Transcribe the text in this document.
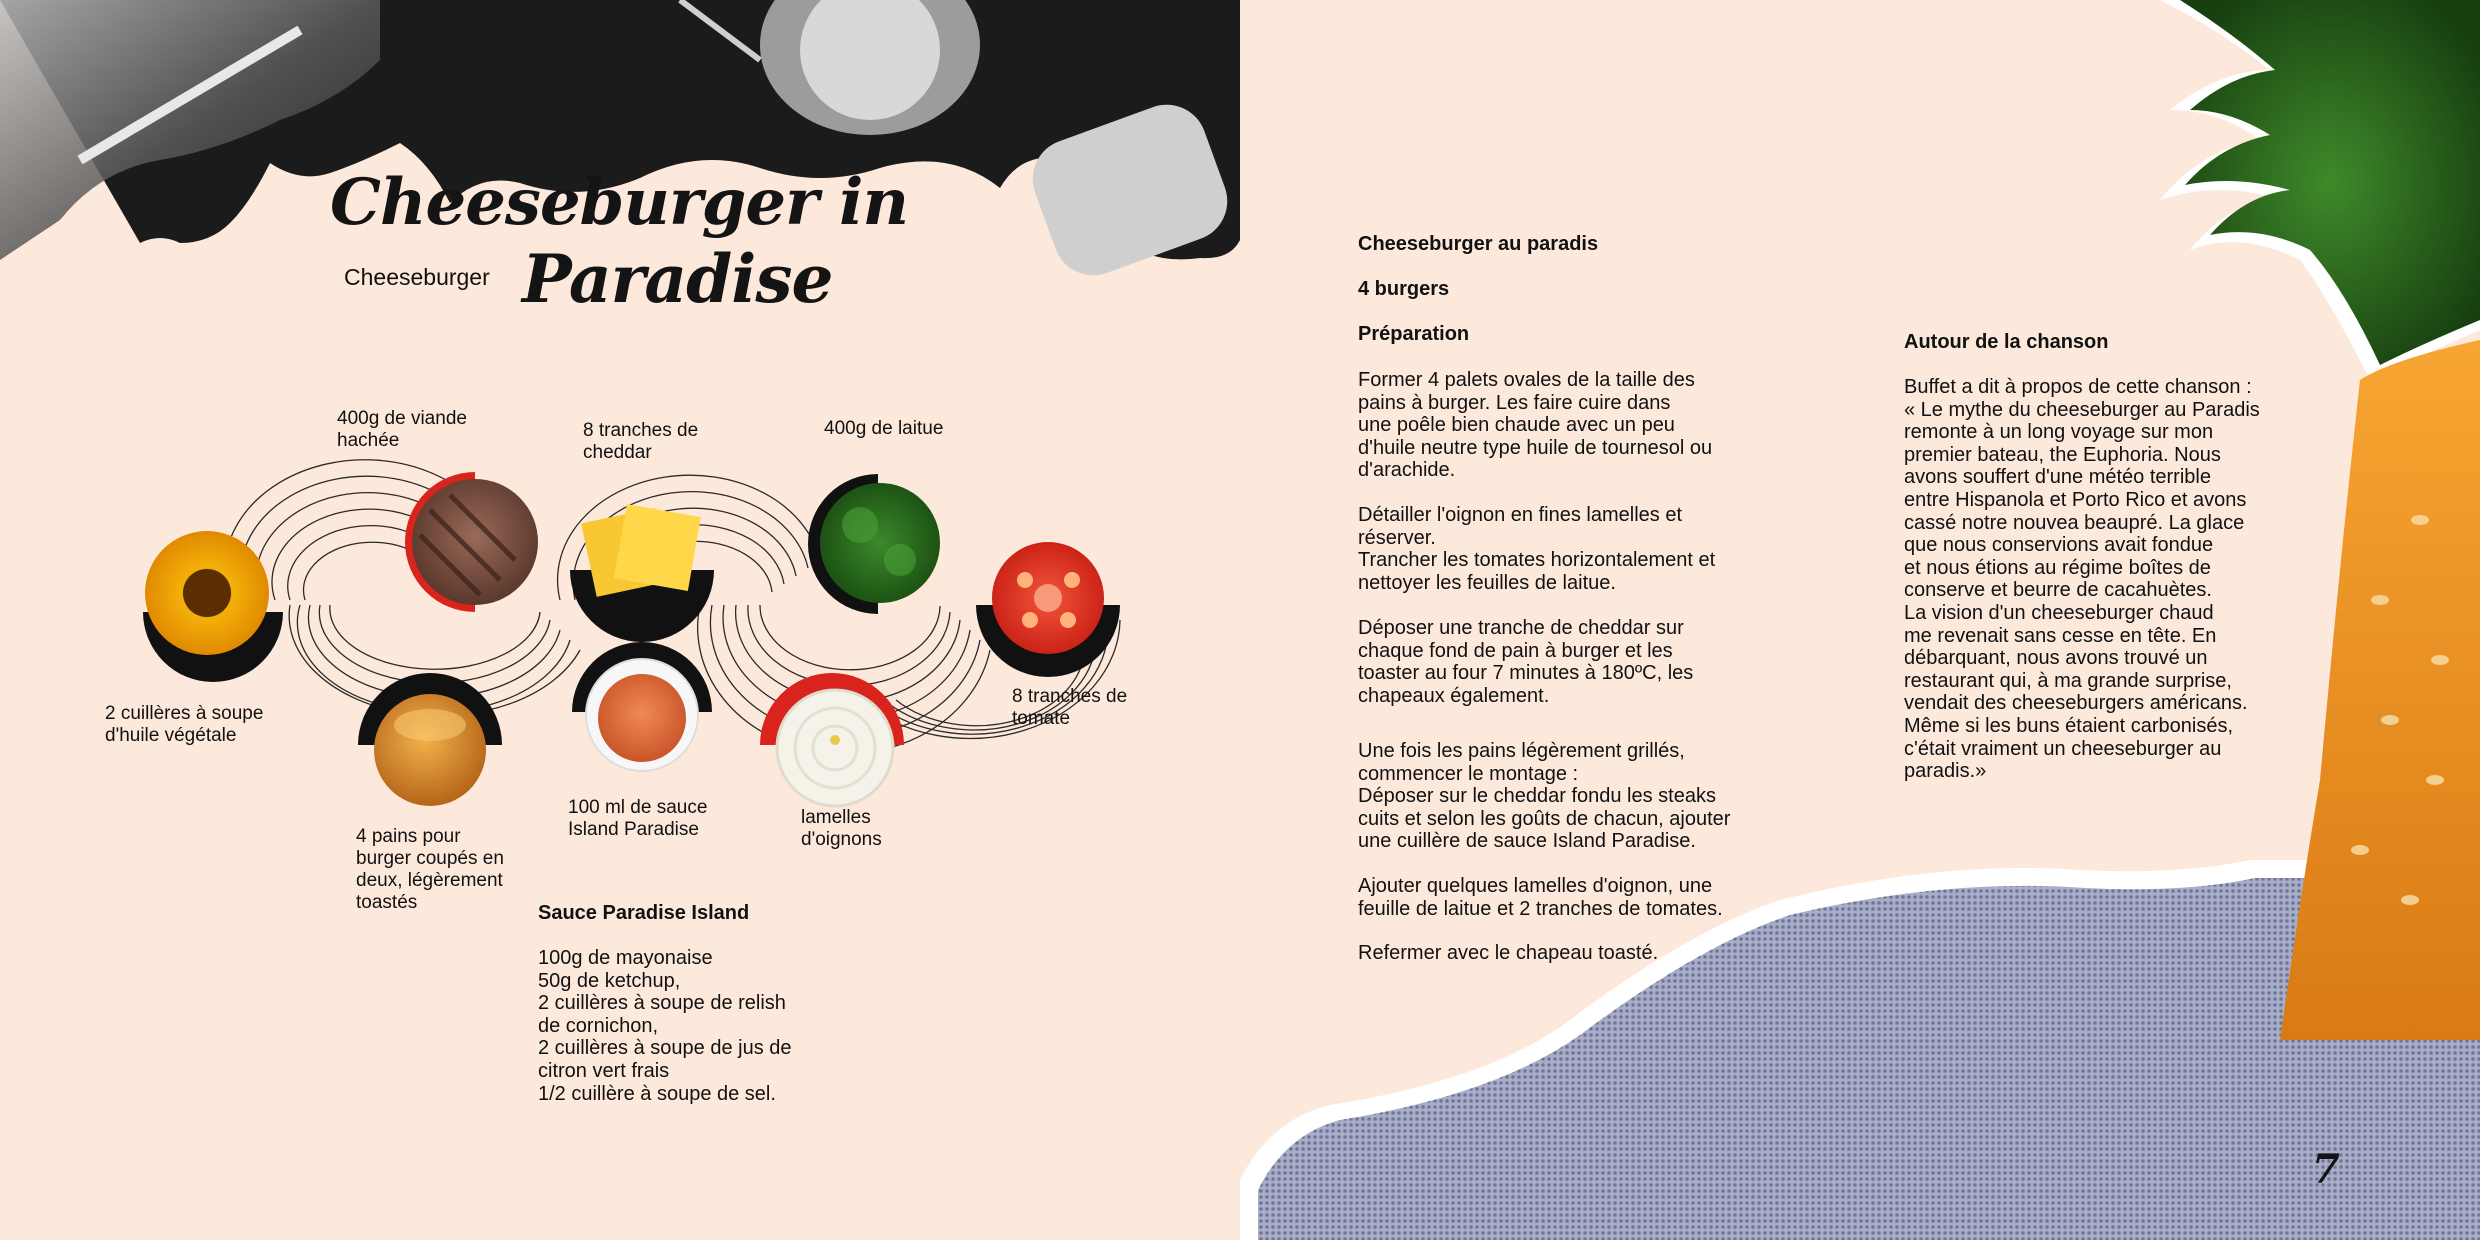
Cheeseburger in
Cheeseburger Paradise
2 cuillères à soupe
d'huile végétale
400g de viande
hachée
4 pains pour
burger coupés en
deux, légèrement
toastés
8 tranches de
cheddar
100 ml de sauce
Island Paradise
400g de laitue
lamelles
d'oignons
8 tranches de
tomate
Sauce Paradise Island
100g de mayonaise
50g de ketchup,
2 cuillères à soupe de relish
de cornichon,
2 cuillères à soupe de jus de
citron vert frais
1/2 cuillère à soupe de sel.
Cheeseburger au paradis
4 burgers
Préparation
Former 4 palets ovales de la taille des
pains à burger. Les faire cuire dans
une poêle bien chaude avec un peu
d'huile neutre type huile de tournesol ou
d'arachide.
Détailler l'oignon en fines lamelles et
réserver.
Trancher les tomates horizontalement et
nettoyer les feuilles de laitue.
Déposer une tranche de cheddar sur
chaque fond de pain à burger et les
toaster au four 7 minutes à 180ºC, les
chapeaux également.
Une fois les pains légèrement grillés,
commencer le montage :
Déposer sur le cheddar fondu les steaks
cuits et selon les goûts de chacun, ajouter
une cuillère de sauce Island Paradise.
Ajouter quelques lamelles d'oignon, une
feuille de laitue et 2 tranches de tomates.
Refermer avec le chapeau toasté.
Autour de la chanson
Buffet a dit à propos de cette chanson :
« Le mythe du cheeseburger au Paradis
remonte à un long voyage sur mon
premier bateau, the Euphoria. Nous
avons souffert d'une météo terrible
entre Hispanola et Porto Rico et avons
cassé notre nouvea beaupré. La glace
que nous conservions avait fondue
et nous étions au régime boîtes de
conserve et beurre de cacahuètes.
La vision d'un cheeseburger chaud
me revenait sans cesse en tête. En
débarquant, nous avons trouvé un
restaurant qui, à ma grande surprise,
vendait des cheeseburgers américans.
Même si les buns étaient carbonisés,
c'était vraiment un cheeseburger au
paradis.»
7
